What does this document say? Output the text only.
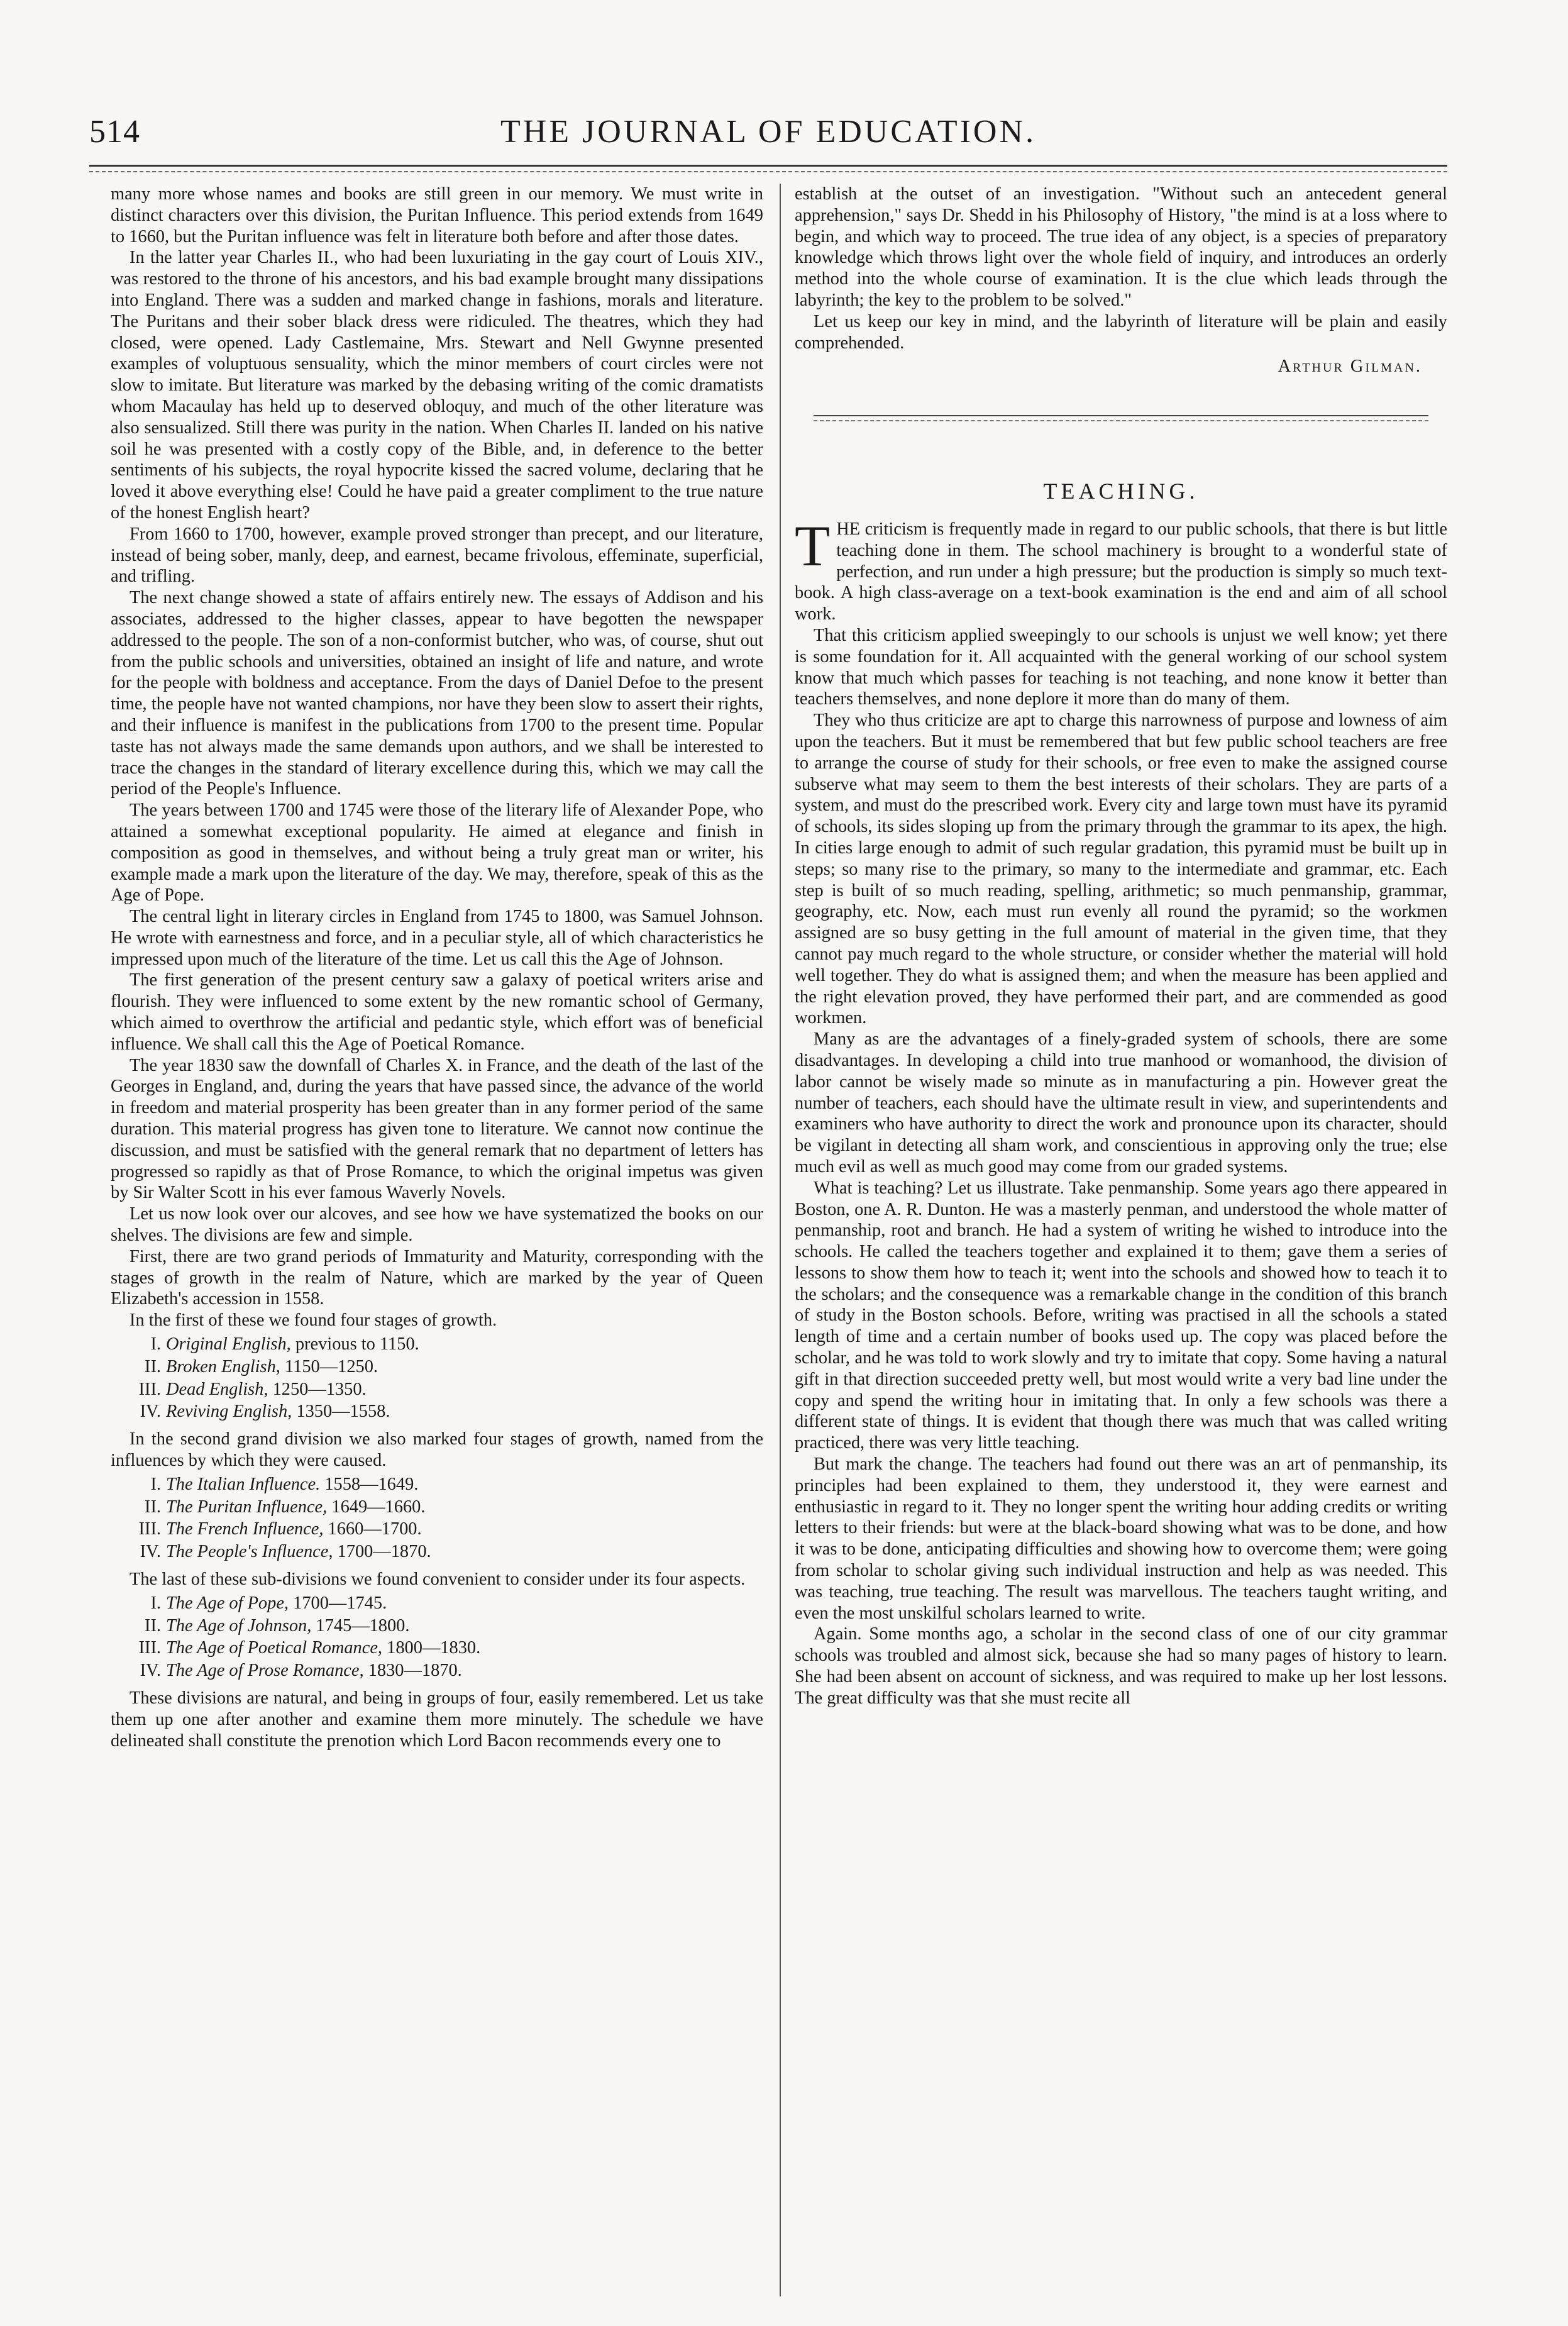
THE JOURNAL OF EDUCATION.
514

many more whose names and books are still green in our memory. We must write in distinct characters over this division, the Puritan Influence. This period extends from 1649 to 1660, but the Puritan influence was felt in literature both before and after those dates.

In the latter year Charles II., who had been luxuriating in the gay court of Louis XIV., was restored to the throne of his ancestors, and his bad example brought many dissipations into England. There was a sudden and marked change in fashions, morals and literature. The Puritans and their sober black dress were ridiculed. The theatres, which they had closed, were opened. Lady Castlemaine, Mrs. Stewart and Nell Gwynne presented examples of voluptuous sensuality, which the minor members of court circles were not slow to imitate. But literature was marked by the debasing writing of the comic dramatists whom Macaulay has held up to deserved obloquy, and much of the other literature was also sensualized. Still there was purity in the nation. When Charles II. landed on his native soil he was presented with a costly copy of the Bible, and, in deference to the better sentiments of his subjects, the royal hypocrite kissed the sacred volume, declaring that he loved it above everything else! Could he have paid a greater compliment to the true nature of the honest English heart?

From 1660 to 1700, however, example proved stronger than precept, and our literature, instead of being sober, manly, deep, and earnest, became frivolous, effeminate, superficial, and trifling.

The next change showed a state of affairs entirely new. The essays of Addison and his associates, addressed to the higher classes, appear to have begotten the newspaper addressed to the people. The son of a non-conformist butcher, who was, of course, shut out from the public schools and universities, obtained an insight of life and nature, and wrote for the people with boldness and acceptance. From the days of Daniel Defoe to the present time, the people have not wanted champions, nor have they been slow to assert their rights, and their influence is manifest in the publications from 1700 to the present time. Popular taste has not always made the same demands upon authors, and we shall be interested to trace the changes in the standard of literary excellence during this, which we may call the period of the People's Influence.

The years between 1700 and 1745 were those of the literary life of Alexander Pope, who attained a somewhat exceptional popularity. He aimed at elegance and finish in composition as good in themselves, and without being a truly great man or writer, his example made a mark upon the literature of the day. We may, therefore, speak of this as the Age of Pope.

The central light in literary circles in England from 1745 to 1800, was Samuel Johnson. He wrote with earnestness and force, and in a peculiar style, all of which characteristics he impressed upon much of the literature of the time. Let us call this the Age of Johnson.

The first generation of the present century saw a galaxy of poetical writers arise and flourish. They were influenced to some extent by the new romantic school of Germany, which aimed to overthrow the artificial and pedantic style, which effort was of beneficial influence. We shall call this the Age of Poetical Romance.

The year 1830 saw the downfall of Charles X. in France, and the death of the last of the Georges in England, and, during the years that have passed since, the advance of the world in freedom and material prosperity has been greater than in any former period of the same duration. This material progress has given tone to literature. We cannot now continue the discussion, and must be satisfied with the general remark that no department of letters has progressed so rapidly as that of Prose Romance, to which the original impetus was given by Sir Walter Scott in his ever famous Waverly Novels.

Let us now look over our alcoves, and see how we have systematized the books on our shelves. The divisions are few and simple.

First, there are two grand periods of Immaturity and Maturity, corresponding with the stages of growth in the realm of Nature, which are marked by the year of Queen Elizabeth's accession in 1558.

In the first of these we found four stages of growth.

I. Original English, previous to 1150.
II. Broken English, 1150—1250.
III. Dead English, 1250—1350.
IV. Reviving English, 1350—1558.

In the second grand division we also marked four stages of growth, named from the influences by which they were caused.

I. The Italian Influence. 1558—1649.
II. The Puritan Influence, 1649—1660.
III. The French Influence, 1660—1700.
IV. The People's Influence, 1700—1870.

The last of these sub-divisions we found convenient to consider under its four aspects.

I. The Age of Pope, 1700—1745.
II. The Age of Johnson, 1745—1800.
III. The Age of Poetical Romance, 1800—1830.
IV. The Age of Prose Romance, 1830—1870.

These divisions are natural, and being in groups of four, easily remembered. Let us take them up one after another and examine them more minutely. The schedule we have delineated shall constitute the prenotion which Lord Bacon recommends every one to

establish at the outset of an investigation. "Without such an antecedent general apprehension," says Dr. Shedd in his Philosophy of History, "the mind is at a loss where to begin, and which way to proceed. The true idea of any object, is a species of preparatory knowledge which throws light over the whole field of inquiry, and introduces an orderly method into the whole course of examination. It is the clue which leads through the labyrinth; the key to the problem to be solved."

Let us keep our key in mind, and the labyrinth of literature will be plain and easily comprehended.

Arthur Gilman.
TEACHING.

THE criticism is frequently made in regard to our public schools, that there is but little teaching done in them. The school machinery is brought to a wonderful state of perfection, and run under a high pressure; but the production is simply so much text-book. A high class-average on a text-book examination is the end and aim of all school work.

That this criticism applied sweepingly to our schools is unjust we well know; yet there is some foundation for it. All acquainted with the general working of our school system know that much which passes for teaching is not teaching, and none know it better than teachers themselves, and none deplore it more than do many of them.

They who thus criticize are apt to charge this narrowness of purpose and lowness of aim upon the teachers. But it must be remembered that but few public school teachers are free to arrange the course of study for their schools, or free even to make the assigned course subserve what may seem to them the best interests of their scholars. They are parts of a system, and must do the prescribed work. Every city and large town must have its pyramid of schools, its sides sloping up from the primary through the grammar to its apex, the high. In cities large enough to admit of such regular gradation, this pyramid must be built up in steps; so many rise to the primary, so many to the intermediate and grammar, etc. Each step is built of so much reading, spelling, arithmetic; so much penmanship, grammar, geography, etc. Now, each must run evenly all round the pyramid; so the workmen assigned are so busy getting in the full amount of material in the given time, that they cannot pay much regard to the whole structure, or consider whether the material will hold well together. They do what is assigned them; and when the measure has been applied and the right elevation proved, they have performed their part, and are commended as good workmen.

Many as are the advantages of a finely-graded system of schools, there are some disadvantages. In developing a child into true manhood or womanhood, the division of labor cannot be wisely made so minute as in manufacturing a pin. However great the number of teachers, each should have the ultimate result in view, and superintendents and examiners who have authority to direct the work and pronounce upon its character, should be vigilant in detecting all sham work, and conscientious in approving only the true; else much evil as well as much good may come from our graded systems.

What is teaching? Let us illustrate. Take penmanship. Some years ago there appeared in Boston, one A. R. Dunton. He was a masterly penman, and understood the whole matter of penmanship, root and branch. He had a system of writing he wished to introduce into the schools. He called the teachers together and explained it to them; gave them a series of lessons to show them how to teach it; went into the schools and showed how to teach it to the scholars; and the consequence was a remarkable change in the condition of this branch of study in the Boston schools. Before, writing was practised in all the schools a stated length of time and a certain number of books used up. The copy was placed before the scholar, and he was told to work slowly and try to imitate that copy. Some having a natural gift in that direction succeeded pretty well, but most would write a very bad line under the copy and spend the writing hour in imitating that. In only a few schools was there a different state of things. It is evident that though there was much that was called writing practiced, there was very little teaching.

But mark the change. The teachers had found out there was an art of penmanship, its principles had been explained to them, they understood it, they were earnest and enthusiastic in regard to it. They no longer spent the writing hour adding credits or writing letters to their friends: but were at the black-board showing what was to be done, and how it was to be done, anticipating difficulties and showing how to overcome them; were going from scholar to scholar giving such individual instruction and help as was needed. This was teaching, true teaching. The result was marvellous. The teachers taught writing, and even the most unskilful scholars learned to write.

Again. Some months ago, a scholar in the second class of one of our city grammar schools was troubled and almost sick, because she had so many pages of history to learn. She had been absent on account of sickness, and was required to make up her lost lessons. The great difficulty was that she must recite all
